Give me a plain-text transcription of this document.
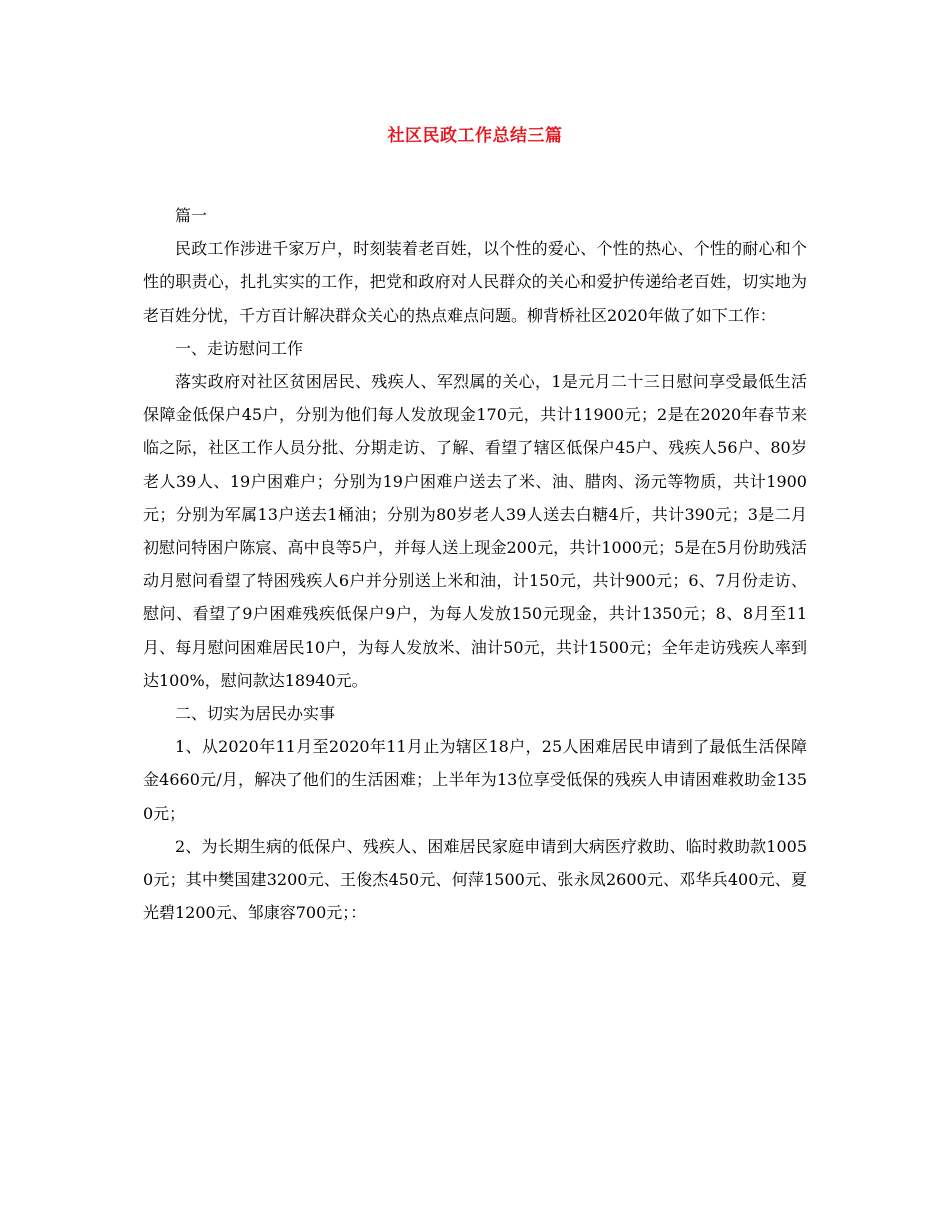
社区民政工作总结三篇

篇一

民政工作涉进千家万户，时刻装着老百姓，以个性的爱心、个性的热心、个性的耐心和个性的职责心，扎扎实实的工作，把党和政府对人民群众的关心和爱护传递给老百姓，切实地为老百姓分忧，千方百计解决群众关心的热点难点问题。柳背桥社区2020年做了如下工作：

一、走访慰问工作

落实政府对社区贫困居民、残疾人、军烈属的关心，1是元月二十三日慰问享受最低生活保障金低保户45户，分别为他们每人发放现金170元，共计11900元；2是在2020年春节来临之际，社区工作人员分批、分期走访、了解、看望了辖区低保户45户、残疾人56户、80岁老人39人、19户困难户；分别为19户困难户送去了米、油、腊肉、汤元等物质，共计1900元；分别为军属13户送去1桶油；分别为80岁老人39人送去白糖4斤，共计390元；3是二月初慰问特困户陈宸、高中良等5户，并每人送上现金200元，共计1000元；5是在5月份助残活动月慰问看望了特困残疾人6户并分别送上米和油，计150元，共计900元；6、7月份走访、慰问、看望了9户困难残疾低保户9户，为每人发放150元现金，共计1350元；8、8月至11月、每月慰问困难居民10户，为每人发放米、油计50元，共计1500元；全年走访残疾人率到达100%，慰问款达18940元。

二、切实为居民办实事

1、从2020年11月至2020年11月止为辖区18户，25人困难居民申请到了最低生活保障金4660元/月，解决了他们的生活困难；上半年为13位享受低保的残疾人申请困难救助金1350元；

2、为长期生病的低保户、残疾人、困难居民家庭申请到大病医疗救助、临时救助款10050元；其中樊国建3200元、王俊杰450元、何萍1500元、张永凤2600元、邓华兵400元、夏光碧1200元、邹康容700元；：
